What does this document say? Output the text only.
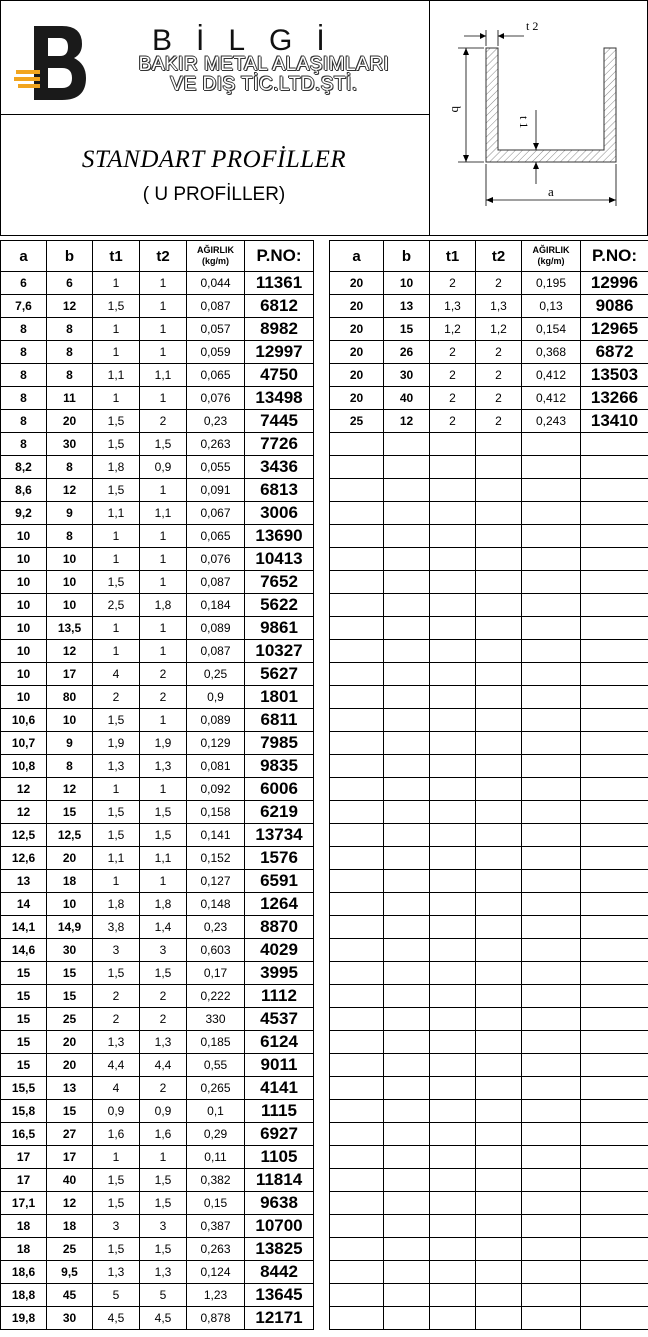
BİLGİ
BAKIR METAL ALAŞIMLARI
VE DIŞ TİC.LTD.ŞTİ.
STANDART PROFİLLER
( U PROFİLLER)
t 2
b
t 1
a
a	b	t1	t2	AĞIRLIK
(kg/m)	P.NO:
6	6	1	1	0,044	11361
7,6	12	1,5	1	0,087	6812
8	8	1	1	0,057	8982
8	8	1	1	0,059	12997
8	8	1,1	1,1	0,065	4750
8	11	1	1	0,076	13498
8	20	1,5	2	0,23	7445
8	30	1,5	1,5	0,263	7726
8,2	8	1,8	0,9	0,055	3436
8,6	12	1,5	1	0,091	6813
9,2	9	1,1	1,1	0,067	3006
10	8	1	1	0,065	13690
10	10	1	1	0,076	10413
10	10	1,5	1	0,087	7652
10	10	2,5	1,8	0,184	5622
10	13,5	1	1	0,089	9861
10	12	1	1	0,087	10327
10	17	4	2	0,25	5627
10	80	2	2	0,9	1801
10,6	10	1,5	1	0,089	6811
10,7	9	1,9	1,9	0,129	7985
10,8	8	1,3	1,3	0,081	9835
12	12	1	1	0,092	6006
12	15	1,5	1,5	0,158	6219
12,5	12,5	1,5	1,5	0,141	13734
12,6	20	1,1	1,1	0,152	1576
13	18	1	1	0,127	6591
14	10	1,8	1,8	0,148	1264
14,1	14,9	3,8	1,4	0,23	8870
14,6	30	3	3	0,603	4029
15	15	1,5	1,5	0,17	3995
15	15	2	2	0,222	1112
15	25	2	2	330	4537
15	20	1,3	1,3	0,185	6124
15	20	4,4	4,4	0,55	9011
15,5	13	4	2	0,265	4141
15,8	15	0,9	0,9	0,1	1115
16,5	27	1,6	1,6	0,29	6927
17	17	1	1	0,11	1105
17	40	1,5	1,5	0,382	11814
17,1	12	1,5	1,5	0,15	9638
18	18	3	3	0,387	10700
18	25	1,5	1,5	0,263	13825
18,6	9,5	1,3	1,3	0,124	8442
18,8	45	5	5	1,23	13645
19,8	30	4,5	4,5	0,878	12171
a	b	t1	t2	AĞIRLIK
(kg/m)	P.NO:
20	10	2	2	0,195	12996
20	13	1,3	1,3	0,13	9086
20	15	1,2	1,2	0,154	12965
20	26	2	2	0,368	6872
20	30	2	2	0,412	13503
20	40	2	2	0,412	13266
25	12	2	2	0,243	13410
